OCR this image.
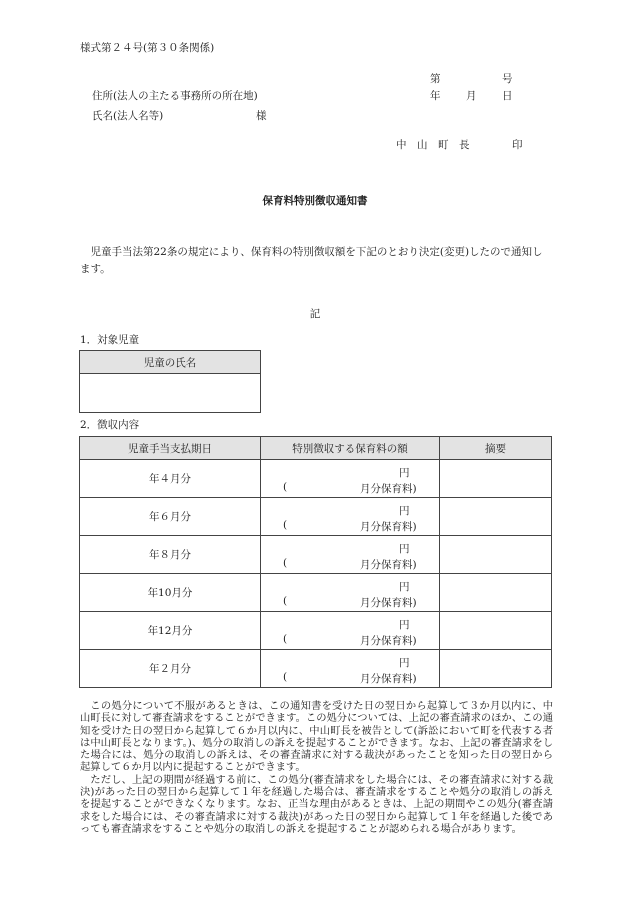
様式第２４号(第３０条関係)
第	号
住所(法人の主たる事務所の所在地)	年 月 日
氏名(法人名等)	様
中　山　町　長	印
保育料特別徴収通知書
児童手当法第22条の規定により、保育料の特別徴収額を下記のとおり決定(変更)したので通知します。
記
1．対象児童
児童の氏名

2．徴収内容
児童手当支払期日	特別徴収する保育料の額	摘要
年４月分	円
( 月分保育料)	

年６月分	円
( 月分保育料)	

年８月分	円
( 月分保育料)	

年10月分	円
( 月分保育料)	

年12月分	円
( 月分保育料)	

年２月分	円
( 月分保育料)	

この処分について不服があるときは、この通知書を受けた日の翌日から起算して３か月以内に、中山町長に対して審査請求をすることができます。この処分については、上記の審査請求のほか、この通知を受けた日の翌日から起算して６か月以内に、中山町長を被告として(訴訟において町を代表する者は中山町長となります。)、処分の取消しの訴えを提起することができます。なお、上記の審査請求をした場合には、処分の取消しの訴えは、その審査請求に対する裁決があったことを知った日の翌日から起算して６か月以内に提起することができます。

ただし、上記の期間が経過する前に、この処分(審査請求をした場合には、その審査請求に対する裁決)があった日の翌日から起算して１年を経過した場合は、審査請求をすることや処分の取消しの訴えを提起することができなくなります。なお、正当な理由があるときは、上記の期間やこの処分(審査請求をした場合には、その審査請求に対する裁決)があった日の翌日から起算して１年を経過した後であっても審査請求をすることや処分の取消しの訴えを提起することが認められる場合があります。
